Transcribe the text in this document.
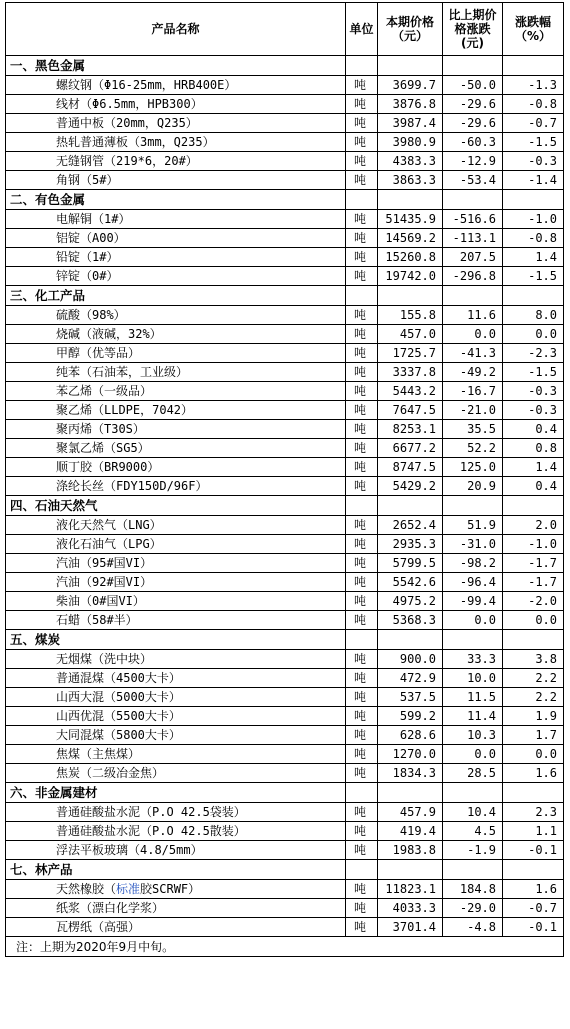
产品名称	单位	本期价格（元）	比上期价格涨跌(元)	涨跌幅 （%）
一、黑色金属				
螺纹钢（Φ16-25mm，HRB400E）	吨	3699.7	-50.0	-1.3
线材（Φ6.5mm，HPB300）	吨	3876.8	-29.6	-0.8
普通中板（20mm，Q235）	吨	3987.4	-29.6	-0.7
热轧普通薄板（3mm，Q235）	吨	3980.9	-60.3	-1.5
无缝钢管（219*6，20#）	吨	4383.3	-12.9	-0.3
角钢（5#）	吨	3863.3	-53.4	-1.4
二、有色金属				
电解铜（1#）	吨	51435.9	-516.6	-1.0
铝锭（A00）	吨	14569.2	-113.1	-0.8
铅锭（1#）	吨	15260.8	207.5	1.4
锌锭（0#）	吨	19742.0	-296.8	-1.5
三、化工产品				
硫酸（98%）	吨	155.8	11.6	8.0
烧碱（液碱，32%）	吨	457.0	0.0	0.0
甲醇（优等品）	吨	1725.7	-41.3	-2.3
纯苯（石油苯，工业级）	吨	3337.8	-49.2	-1.5
苯乙烯（一级品）	吨	5443.2	-16.7	-0.3
聚乙烯（LLDPE，7042）	吨	7647.5	-21.0	-0.3
聚丙烯（T30S）	吨	8253.1	35.5	0.4
聚氯乙烯（SG5）	吨	6677.2	52.2	0.8
顺丁胶（BR9000）	吨	8747.5	125.0	1.4
涤纶长丝（FDY150D/96F）	吨	5429.2	20.9	0.4
四、石油天然气				
液化天然气（LNG）	吨	2652.4	51.9	2.0
液化石油气（LPG）	吨	2935.3	-31.0	-1.0
汽油（95#国VI）	吨	5799.5	-98.2	-1.7
汽油（92#国VI）	吨	5542.6	-96.4	-1.7
柴油（0#国VI）	吨	4975.2	-99.4	-2.0
石蜡（58#半）	吨	5368.3	0.0	0.0
五、煤炭				
无烟煤（洗中块）	吨	900.0	33.3	3.8
普通混煤（4500大卡）	吨	472.9	10.0	2.2
山西大混（5000大卡）	吨	537.5	11.5	2.2
山西优混（5500大卡）	吨	599.2	11.4	1.9
大同混煤（5800大卡）	吨	628.6	10.3	1.7
焦煤（主焦煤）	吨	1270.0	0.0	0.0
焦炭（二级冶金焦）	吨	1834.3	28.5	1.6
六、非金属建材				
普通硅酸盐水泥（P.O 42.5袋装）	吨	457.9	10.4	2.3
普通硅酸盐水泥（P.O 42.5散装）	吨	419.4	4.5	1.1
浮法平板玻璃（4.8/5mm）	吨	1983.8	-1.9	-0.1
七、林产品				
天然橡胶（标准胶SCRWF）	吨	11823.1	184.8	1.6
纸浆（漂白化学浆）	吨	4033.3	-29.0	-0.7
瓦楞纸（高强）	吨	3701.4	-4.8	-0.1
注：上期为2020年9月中旬。				
